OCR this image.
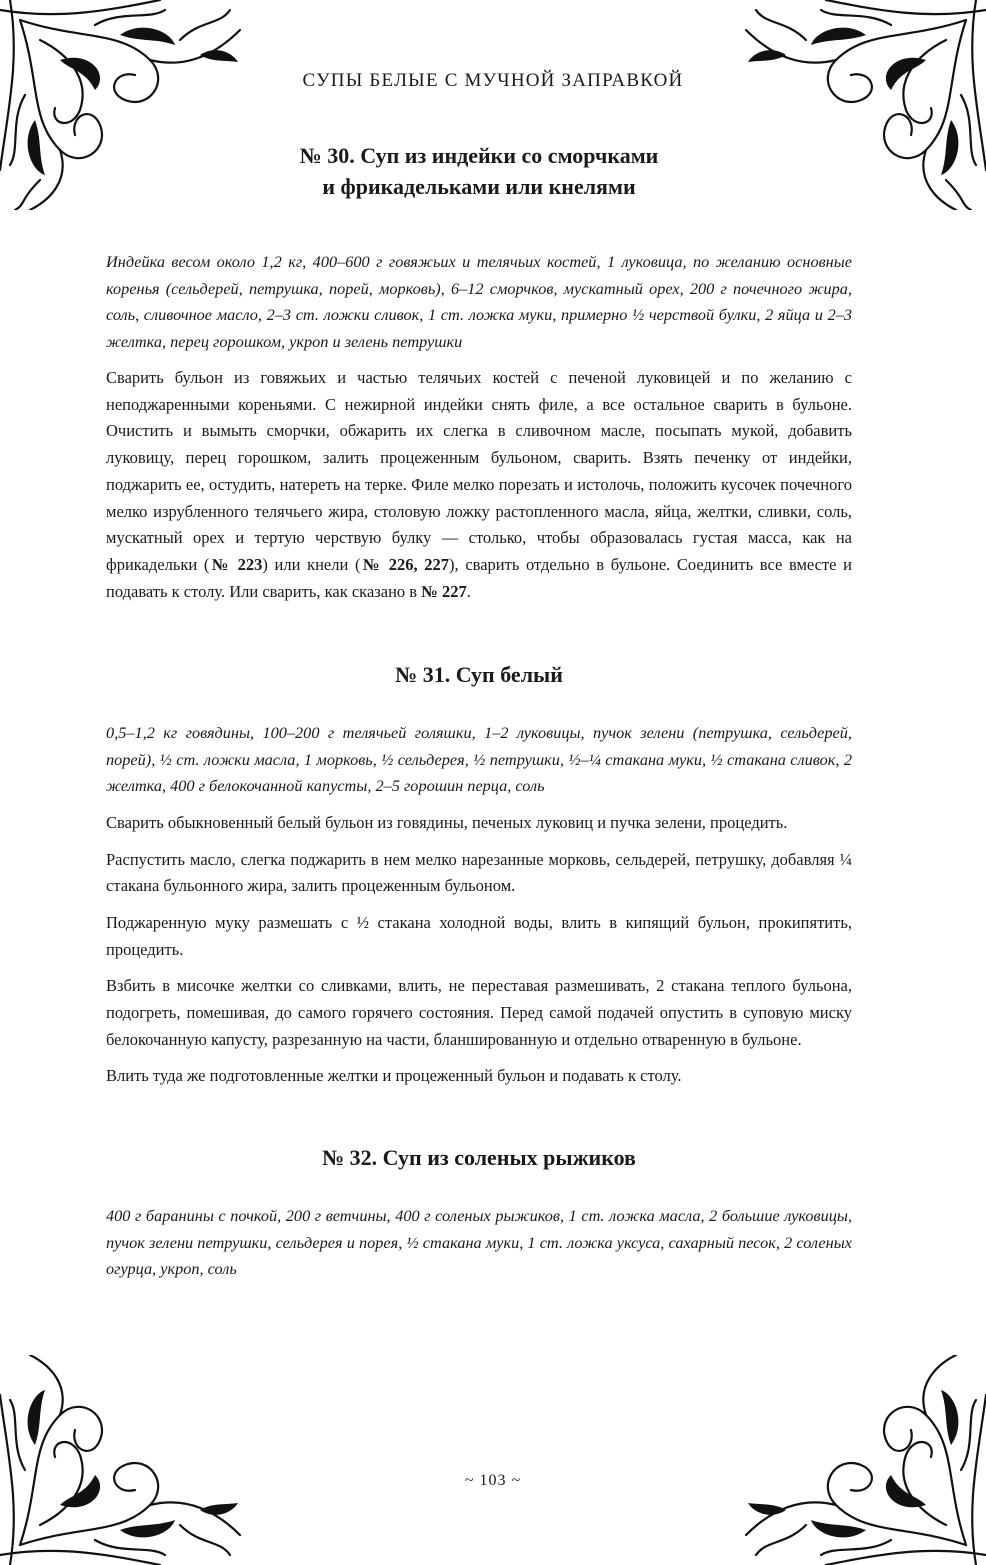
СУПЫ БЕЛЫЕ С МУЧНОЙ ЗАПРАВКОЙ
№ 30. Суп из индейки со сморчками
и фрикадельками или кнелями

Индейка весом около 1,2 кг, 400–600 г говяжьих и телячьих костей, 1 луковица, по желанию основные коренья (сельдерей, петрушка, порей, морковь), 6–12 сморчков, мускатный орех, 200 г почечного жира, соль, сливочное масло, 2–3 ст. ложки сливок, 1 ст. ложка муки, примерно ½ черствой булки, 2 яйца и 2–3 желтка, перец горошком, укроп и зелень петрушки

Сварить бульон из говяжьих и частью телячьих костей с печеной луковицей и по желанию с неподжаренными кореньями. С нежирной индейки снять филе, а все остальное сварить в бульоне. Очистить и вымыть сморчки, обжарить их слегка в сливочном масле, посыпать мукой, добавить луковицу, перец горошком, залить процеженным бульоном, сварить. Взять печенку от индейки, поджарить ее, остудить, натереть на терке. Филе мелко порезать и истолочь, положить кусочек почечного мелко изрубленного телячьего жира, столовую ложку растопленного масла, яйца, желтки, сливки, соль, мускатный орех и тертую черствую булку — столько, чтобы образовалась густая масса, как на фрикадельки (№ 223) или кнели (№ 226, 227), сварить отдельно в бульоне. Соединить все вместе и подавать к столу. Или сварить, как сказано в № 227.

№ 31. Суп белый

0,5–1,2 кг говядины, 100–200 г телячьей голяшки, 1–2 луковицы, пучок зелени (петрушка, сельдерей, порей), ½ ст. ложки масла, 1 морковь, ½ сельдерея, ½ петрушки, ½–¼ стакана муки, ½ стакана сливок, 2 желтка, 400 г белокочанной капусты, 2–5 горошин перца, соль

Сварить обыкновенный белый бульон из говядины, печеных луковиц и пучка зелени, процедить.

Распустить масло, слегка поджарить в нем мелко нарезанные морковь, сельдерей, петрушку, добавляя ¼ стакана бульонного жира, залить процеженным бульоном.

Поджаренную муку размешать с ½ стакана холодной воды, влить в кипящий бульон, прокипятить, процедить.

Взбить в мисочке желтки со сливками, влить, не переставая размешивать, 2 стакана теплого бульона, подогреть, помешивая, до самого горячего состояния. Перед самой подачей опустить в суповую миску белокочанную капусту, разрезанную на части, бланшированную и отдельно отваренную в бульоне.

Влить туда же подготовленные желтки и процеженный бульон и подавать к столу.

№ 32. Суп из соленых рыжиков

400 г баранины с почкой, 200 г ветчины, 400 г соленых рыжиков, 1 ст. ложка масла, 2 большие луковицы, пучок зелени петрушки, сельдерея и порея, ½ стакана муки, 1 ст. ложка уксуса, сахарный песок, 2 соленых огурца, укроп, соль

~ 103 ~
